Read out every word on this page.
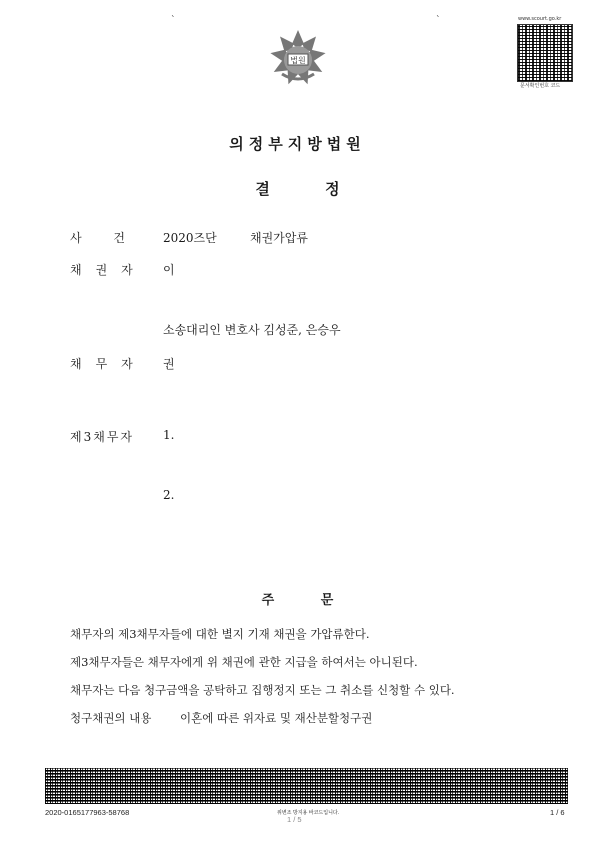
`	`
법원
www.scourt.go.kr
문서확인번호 코드
의정부지방법원
결 정
사 건 2020즈단	채권가압류
채권자 이
소송대리인 변호사 김성준, 은승우
채무자 권
제3채무자 1.
2.
주 문
채무자의 제3채무자들에 대한 별지 기재 채권을 가압류한다.
제3채무자들은 채무자에게 위 채권에 관한 지급을 하여서는 아니된다.
채무자는 다음 청구금액을 공탁하고 집행정지 또는 그 취소를 신청할 수 있다.
청구채권의 내용 이혼에 따른 위자료 및 재산분할청구권
2020-0165177963-58768	위변조 방지용 바코드입니다.
1 / 5
1 / 6
